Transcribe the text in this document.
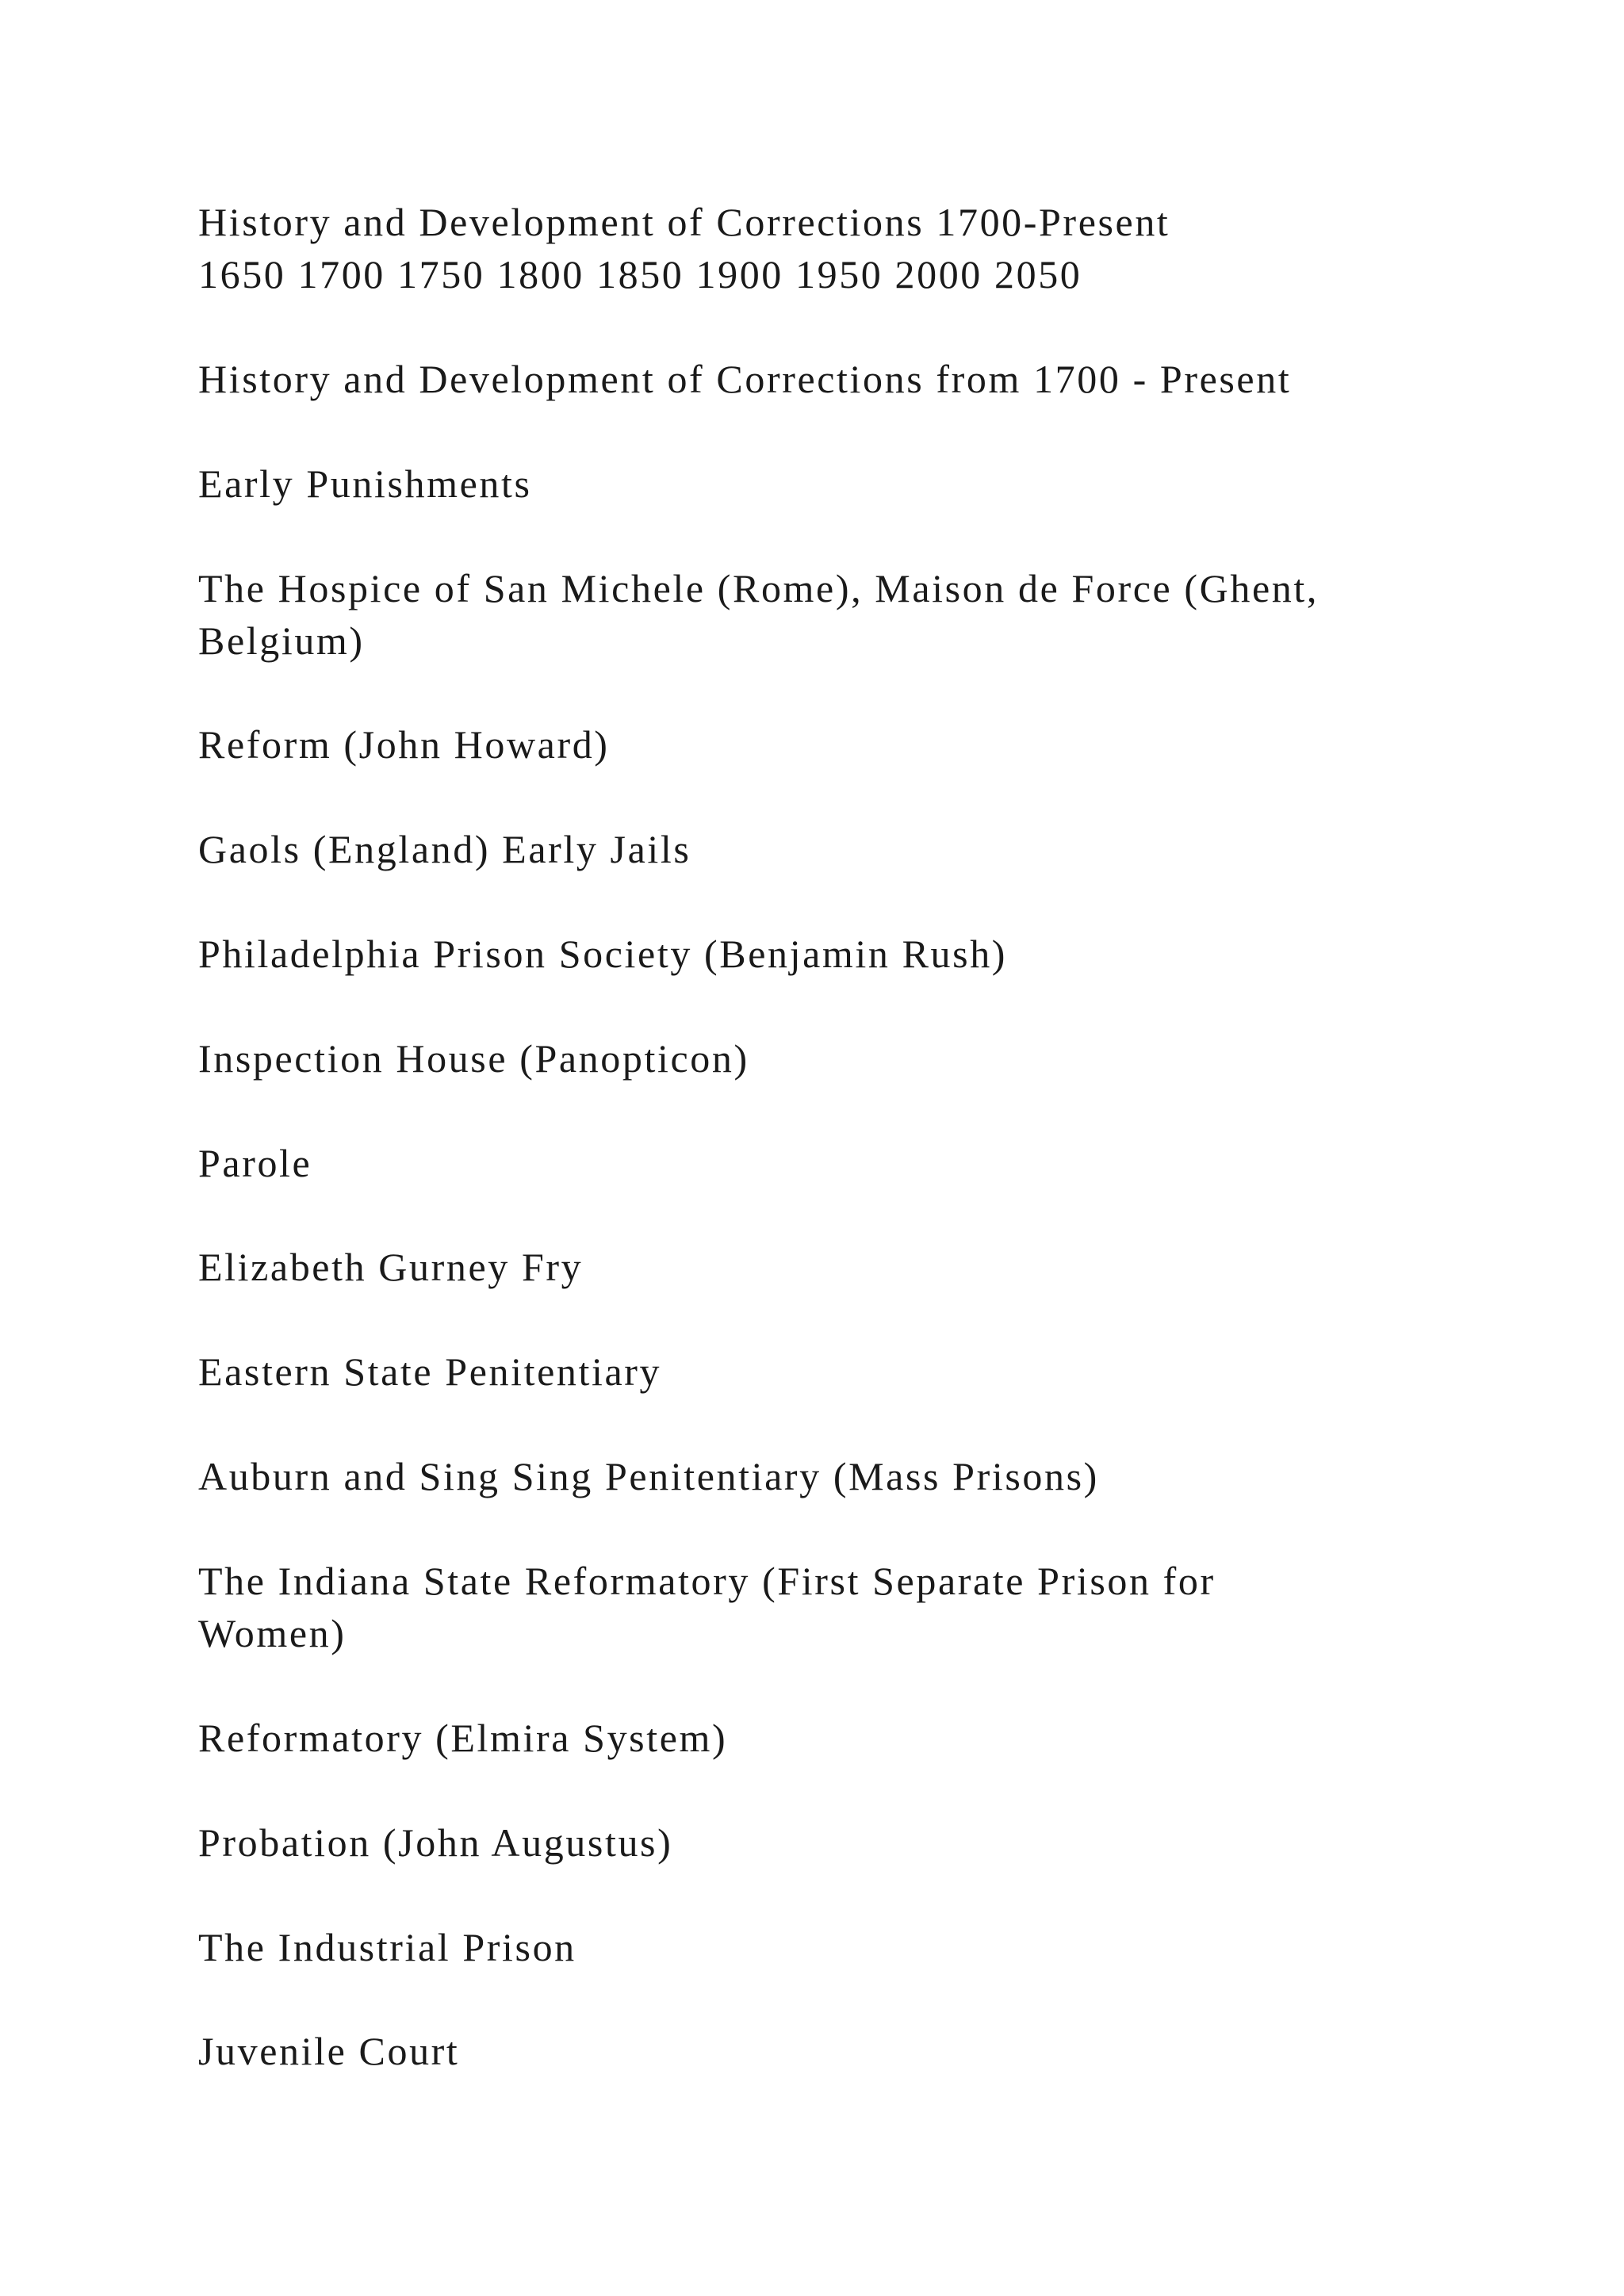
History and Development of Corrections 1700-Present

1650 1700 1750 1800 1850 1900 1950 2000 2050

History and Development of Corrections from 1700 - Present

Early Punishments

The Hospice of San Michele (Rome), Maison de Force (Ghent,

Belgium)

Reform (John Howard)

Gaols (England) Early Jails

Philadelphia Prison Society (Benjamin Rush)

Inspection House (Panopticon)

Parole

Elizabeth Gurney Fry

Eastern State Penitentiary

Auburn and Sing Sing Penitentiary (Mass Prisons)

The Indiana State Reformatory (First Separate Prison for

Women)

Reformatory (Elmira System)

Probation (John Augustus)

The Industrial Prison

Juvenile Court
